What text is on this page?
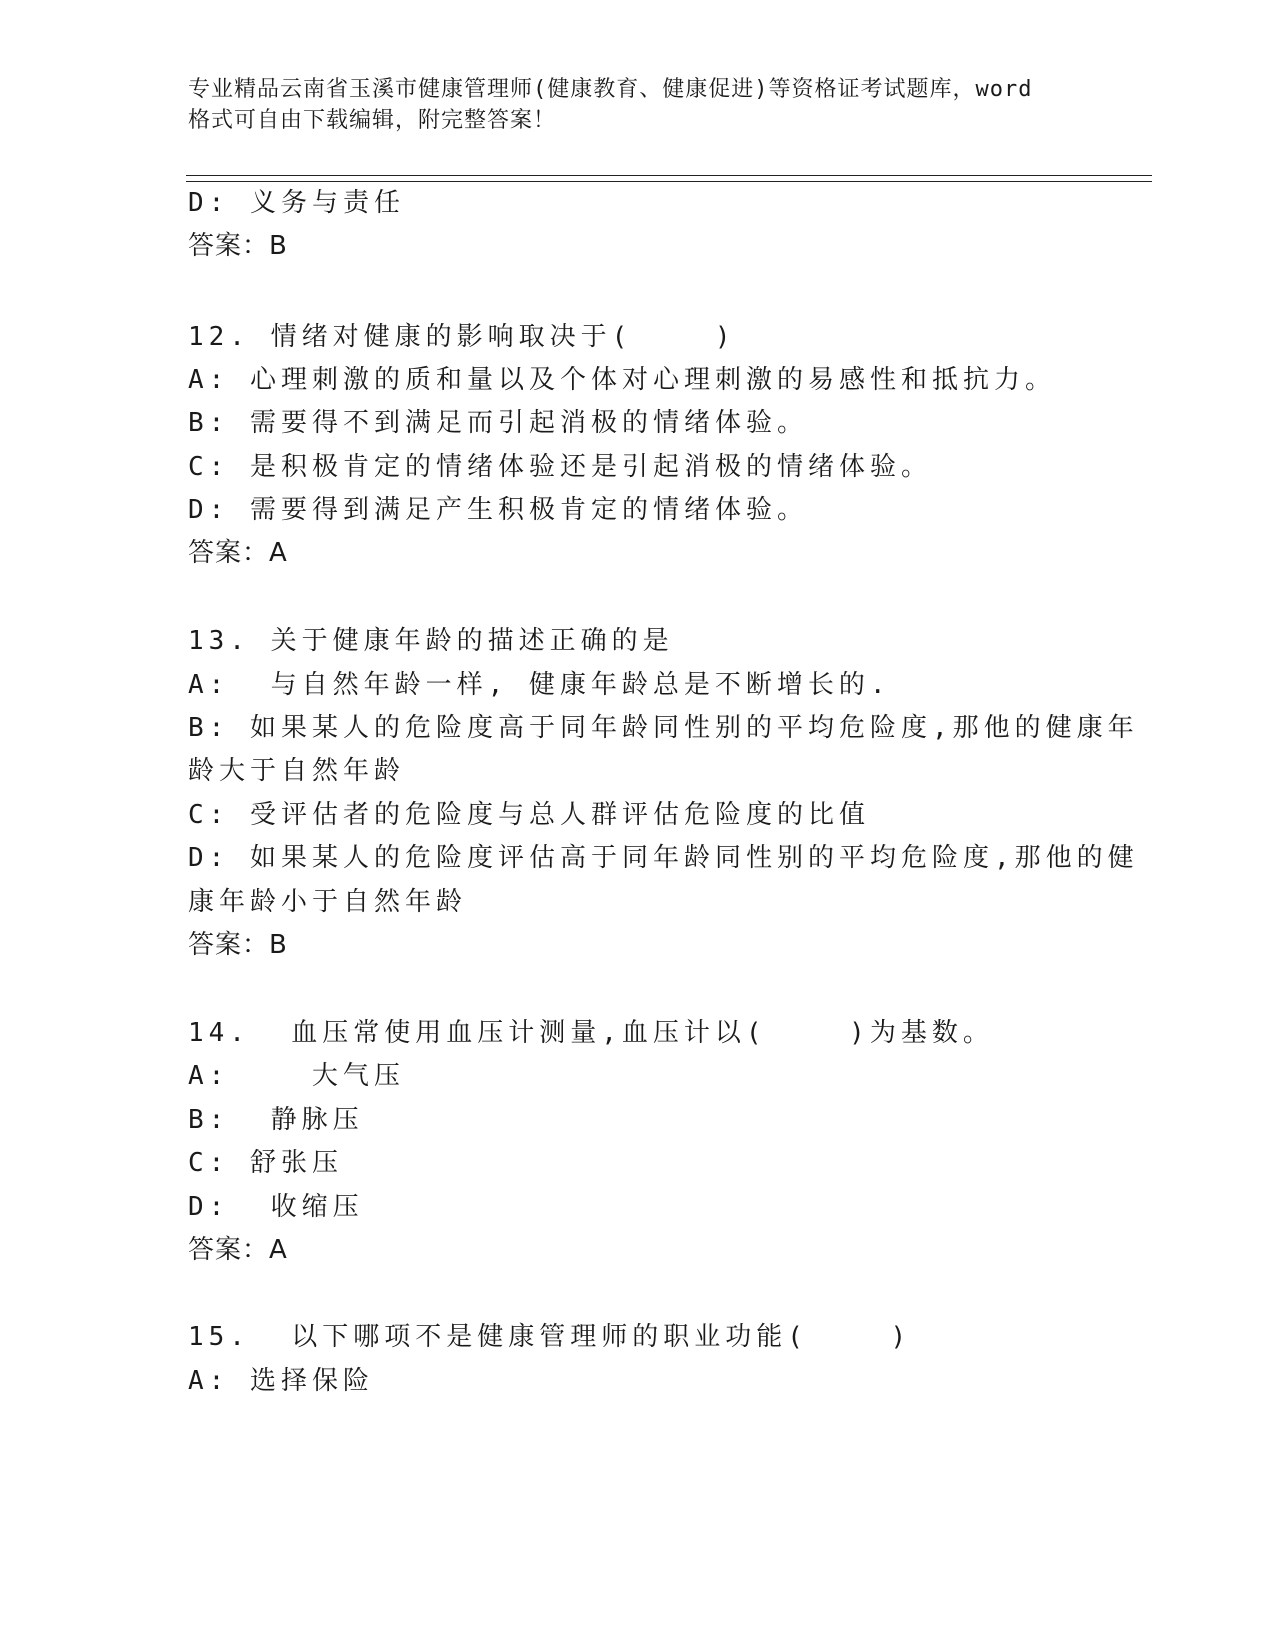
专业精品云南省玉溪市健康管理师(健康教育、健康促进)等资格证考试题库，word
格式可自由下载编辑，附完整答案！
D: 义务与责任
答案：B
12. 情绪对健康的影响取决于(    )
A: 心理刺激的质和量以及个体对心理刺激的易感性和抵抗力。
B: 需要得不到满足而引起消极的情绪体验。
C: 是积极肯定的情绪体验还是引起消极的情绪体验。
D: 需要得到满足产生积极肯定的情绪体验。
答案：A
13. 关于健康年龄的描述正确的是
A:  与自然年龄一样, 健康年龄总是不断增长的.
B: 如果某人的危险度高于同年龄同性别的平均危险度,那他的健康年
龄大于自然年龄
C: 受评估者的危险度与总人群评估危险度的比值
D: 如果某人的危险度评估高于同年龄同性别的平均危险度,那他的健
康年龄小于自然年龄
答案：B
14.  血压常使用血压计测量,血压计以(    )为基数。
A:    大气压
B:  静脉压
C: 舒张压
D:  收缩压
答案：A
15.  以下哪项不是健康管理师的职业功能(    )
A: 选择保险
